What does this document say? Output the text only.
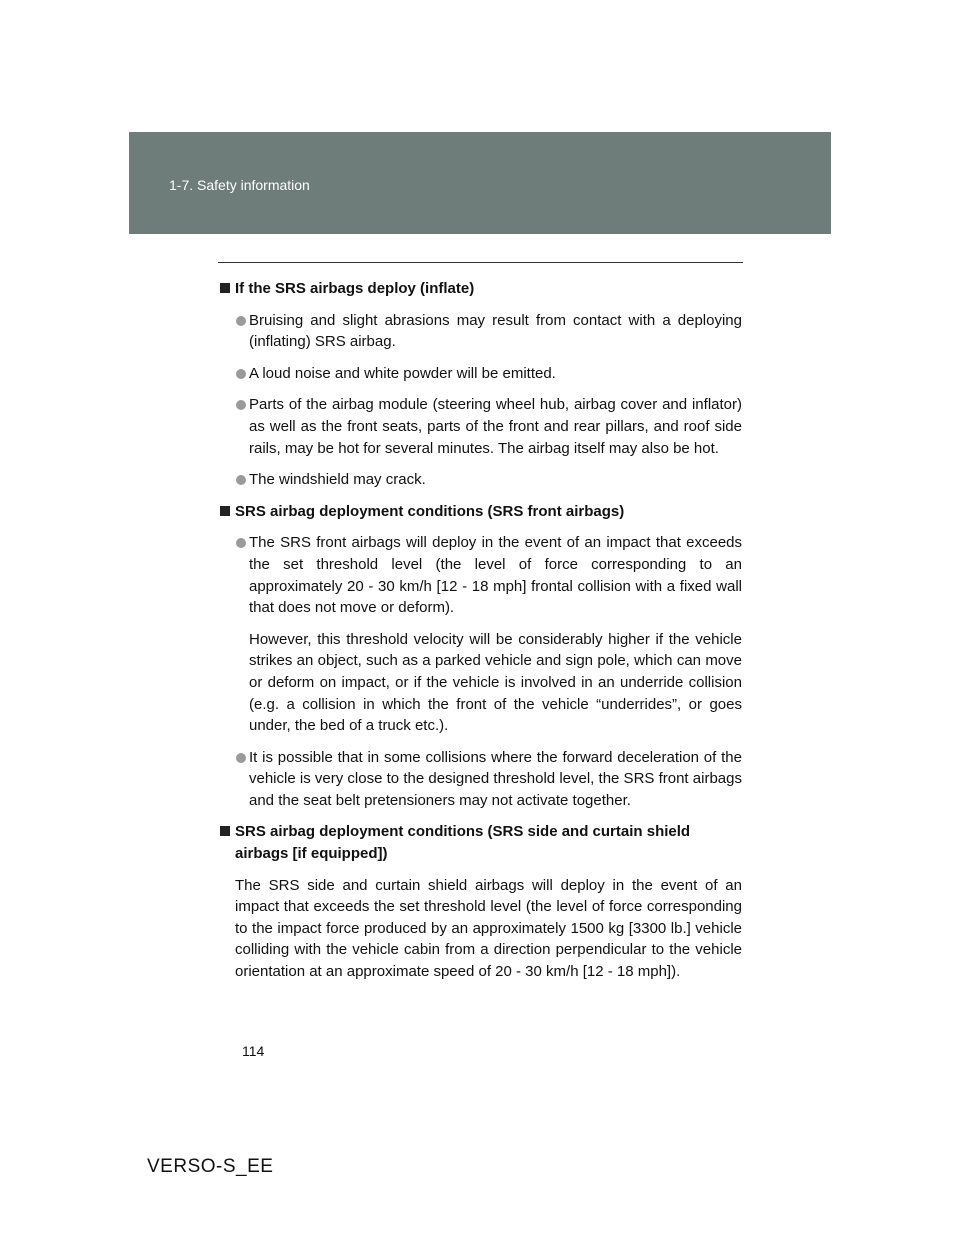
1-7. Safety information
If the SRS airbags deploy (inflate)
Bruising and slight abrasions may result from contact with a deploying (inflating) SRS airbag.
A loud noise and white powder will be emitted.
Parts of the airbag module (steering wheel hub, airbag cover and inflator) as well as the front seats, parts of the front and rear pillars, and roof side rails, may be hot for several minutes. The airbag itself may also be hot.
The windshield may crack.
SRS airbag deployment conditions (SRS front airbags)
The SRS front airbags will deploy in the event of an impact that exceeds the set threshold level (the level of force corresponding to an approximately 20 - 30 km/h [12 - 18 mph] frontal collision with a fixed wall that does not move or deform).
However, this threshold velocity will be considerably higher if the vehicle strikes an object, such as a parked vehicle and sign pole, which can move or deform on impact, or if the vehicle is involved in an underride collision (e.g. a collision in which the front of the vehicle “underrides”, or goes under, the bed of a truck etc.).
It is possible that in some collisions where the forward deceleration of the vehicle is very close to the designed threshold level, the SRS front airbags and the seat belt pretensioners may not activate together.
SRS airbag deployment conditions (SRS side and curtain shield airbags [if equipped])
The SRS side and curtain shield airbags will deploy in the event of an impact that exceeds the set threshold level (the level of force corresponding to the impact force produced by an approximately 1500 kg [3300 lb.] vehicle colliding with the vehicle cabin from a direction perpendicular to the vehicle orientation at an approximate speed of 20 - 30 km/h [12 - 18 mph]).
114
VERSO-S_EE
